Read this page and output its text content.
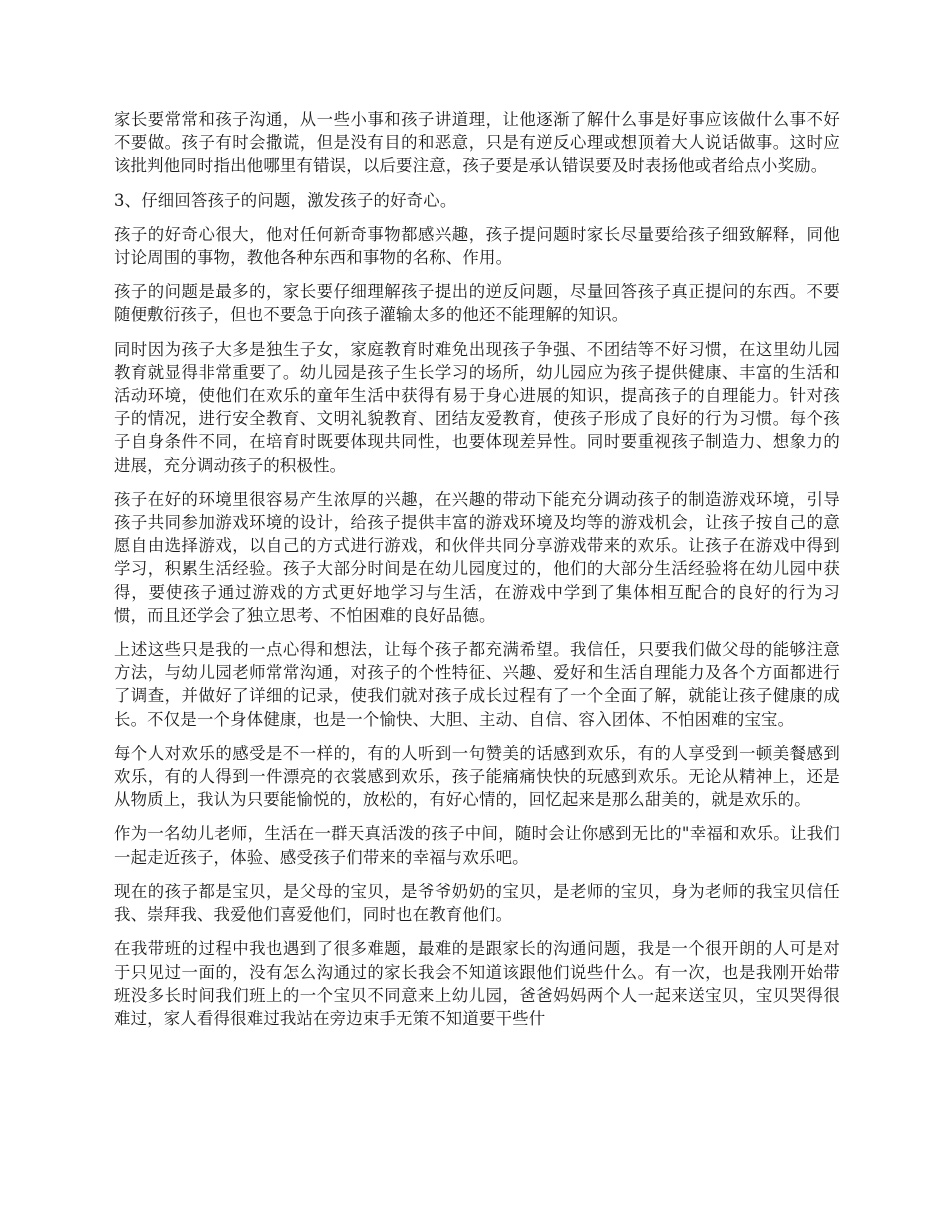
家长要常常和孩子沟通，从一些小事和孩子讲道理，让他逐渐了解什么事是好事应该做什么事不好不要做。孩子有时会撒谎，但是没有目的和恶意，只是有逆反心理或想顶着大人说话做事。这时应该批判他同时指出他哪里有错误，以后要注意，孩子要是承认错误要及时表扬他或者给点小奖励。

3、仔细回答孩子的问题，激发孩子的好奇心。

孩子的好奇心很大，他对任何新奇事物都感兴趣，孩子提问题时家长尽量要给孩子细致解释，同他讨论周围的事物，教他各种东西和事物的名称、作用。

孩子的问题是最多的，家长要仔细理解孩子提出的逆反问题，尽量回答孩子真正提问的东西。不要随便敷衍孩子，但也不要急于向孩子灌输太多的他还不能理解的知识。

同时因为孩子大多是独生子女，家庭教育时难免出现孩子争强、不团结等不好习惯，在这里幼儿园教育就显得非常重要了。幼儿园是孩子生长学习的场所，幼儿园应为孩子提供健康、丰富的生活和活动环境，使他们在欢乐的童年生活中获得有易于身心进展的知识，提高孩子的自理能力。针对孩子的情况，进行安全教育、文明礼貌教育、团结友爱教育，使孩子形成了良好的行为习惯。每个孩子自身条件不同，在培育时既要体现共同性，也要体现差异性。同时要重视孩子制造力、想象力的进展，充分调动孩子的积极性。

孩子在好的环境里很容易产生浓厚的兴趣，在兴趣的带动下能充分调动孩子的制造游戏环境，引导孩子共同参加游戏环境的设计，给孩子提供丰富的游戏环境及均等的游戏机会，让孩子按自己的意愿自由选择游戏，以自己的方式进行游戏，和伙伴共同分享游戏带来的欢乐。让孩子在游戏中得到学习，积累生活经验。孩子大部分时间是在幼儿园度过的，他们的大部分生活经验将在幼儿园中获得，要使孩子通过游戏的方式更好地学习与生活，在游戏中学到了集体相互配合的良好的行为习惯，而且还学会了独立思考、不怕困难的良好品德。

上述这些只是我的一点心得和想法，让每个孩子都充满希望。我信任，只要我们做父母的能够注意方法，与幼儿园老师常常沟通，对孩子的个性特征、兴趣、爱好和生活自理能力及各个方面都进行了调查，并做好了详细的记录，使我们就对孩子成长过程有了一个全面了解，就能让孩子健康的成长。不仅是一个身体健康，也是一个愉快、大胆、主动、自信、容入团体、不怕困难的宝宝。

每个人对欢乐的感受是不一样的，有的人听到一句赞美的话感到欢乐，有的人享受到一顿美餐感到欢乐，有的人得到一件漂亮的衣裳感到欢乐，孩子能痛痛快快的玩感到欢乐。无论从精神上，还是从物质上，我认为只要能愉悦的，放松的，有好心情的，回忆起来是那么甜美的，就是欢乐的。

作为一名幼儿老师，生活在一群天真活泼的孩子中间，随时会让你感到无比的"幸福和欢乐。让我们一起走近孩子，体验、感受孩子们带来的幸福与欢乐吧。

现在的孩子都是宝贝，是父母的宝贝，是爷爷奶奶的宝贝，是老师的宝贝，身为老师的我宝贝信任我、崇拜我、我爱他们喜爱他们，同时也在教育他们。

在我带班的过程中我也遇到了很多难题，最难的是跟家长的沟通问题，我是一个很开朗的人可是对于只见过一面的，没有怎么沟通过的家长我会不知道该跟他们说些什么。有一次，也是我刚开始带班没多长时间我们班上的一个宝贝不同意来上幼儿园，爸爸妈妈两个人一起来送宝贝，宝贝哭得很难过，家人看得很难过我站在旁边束手无策不知道要干些什
